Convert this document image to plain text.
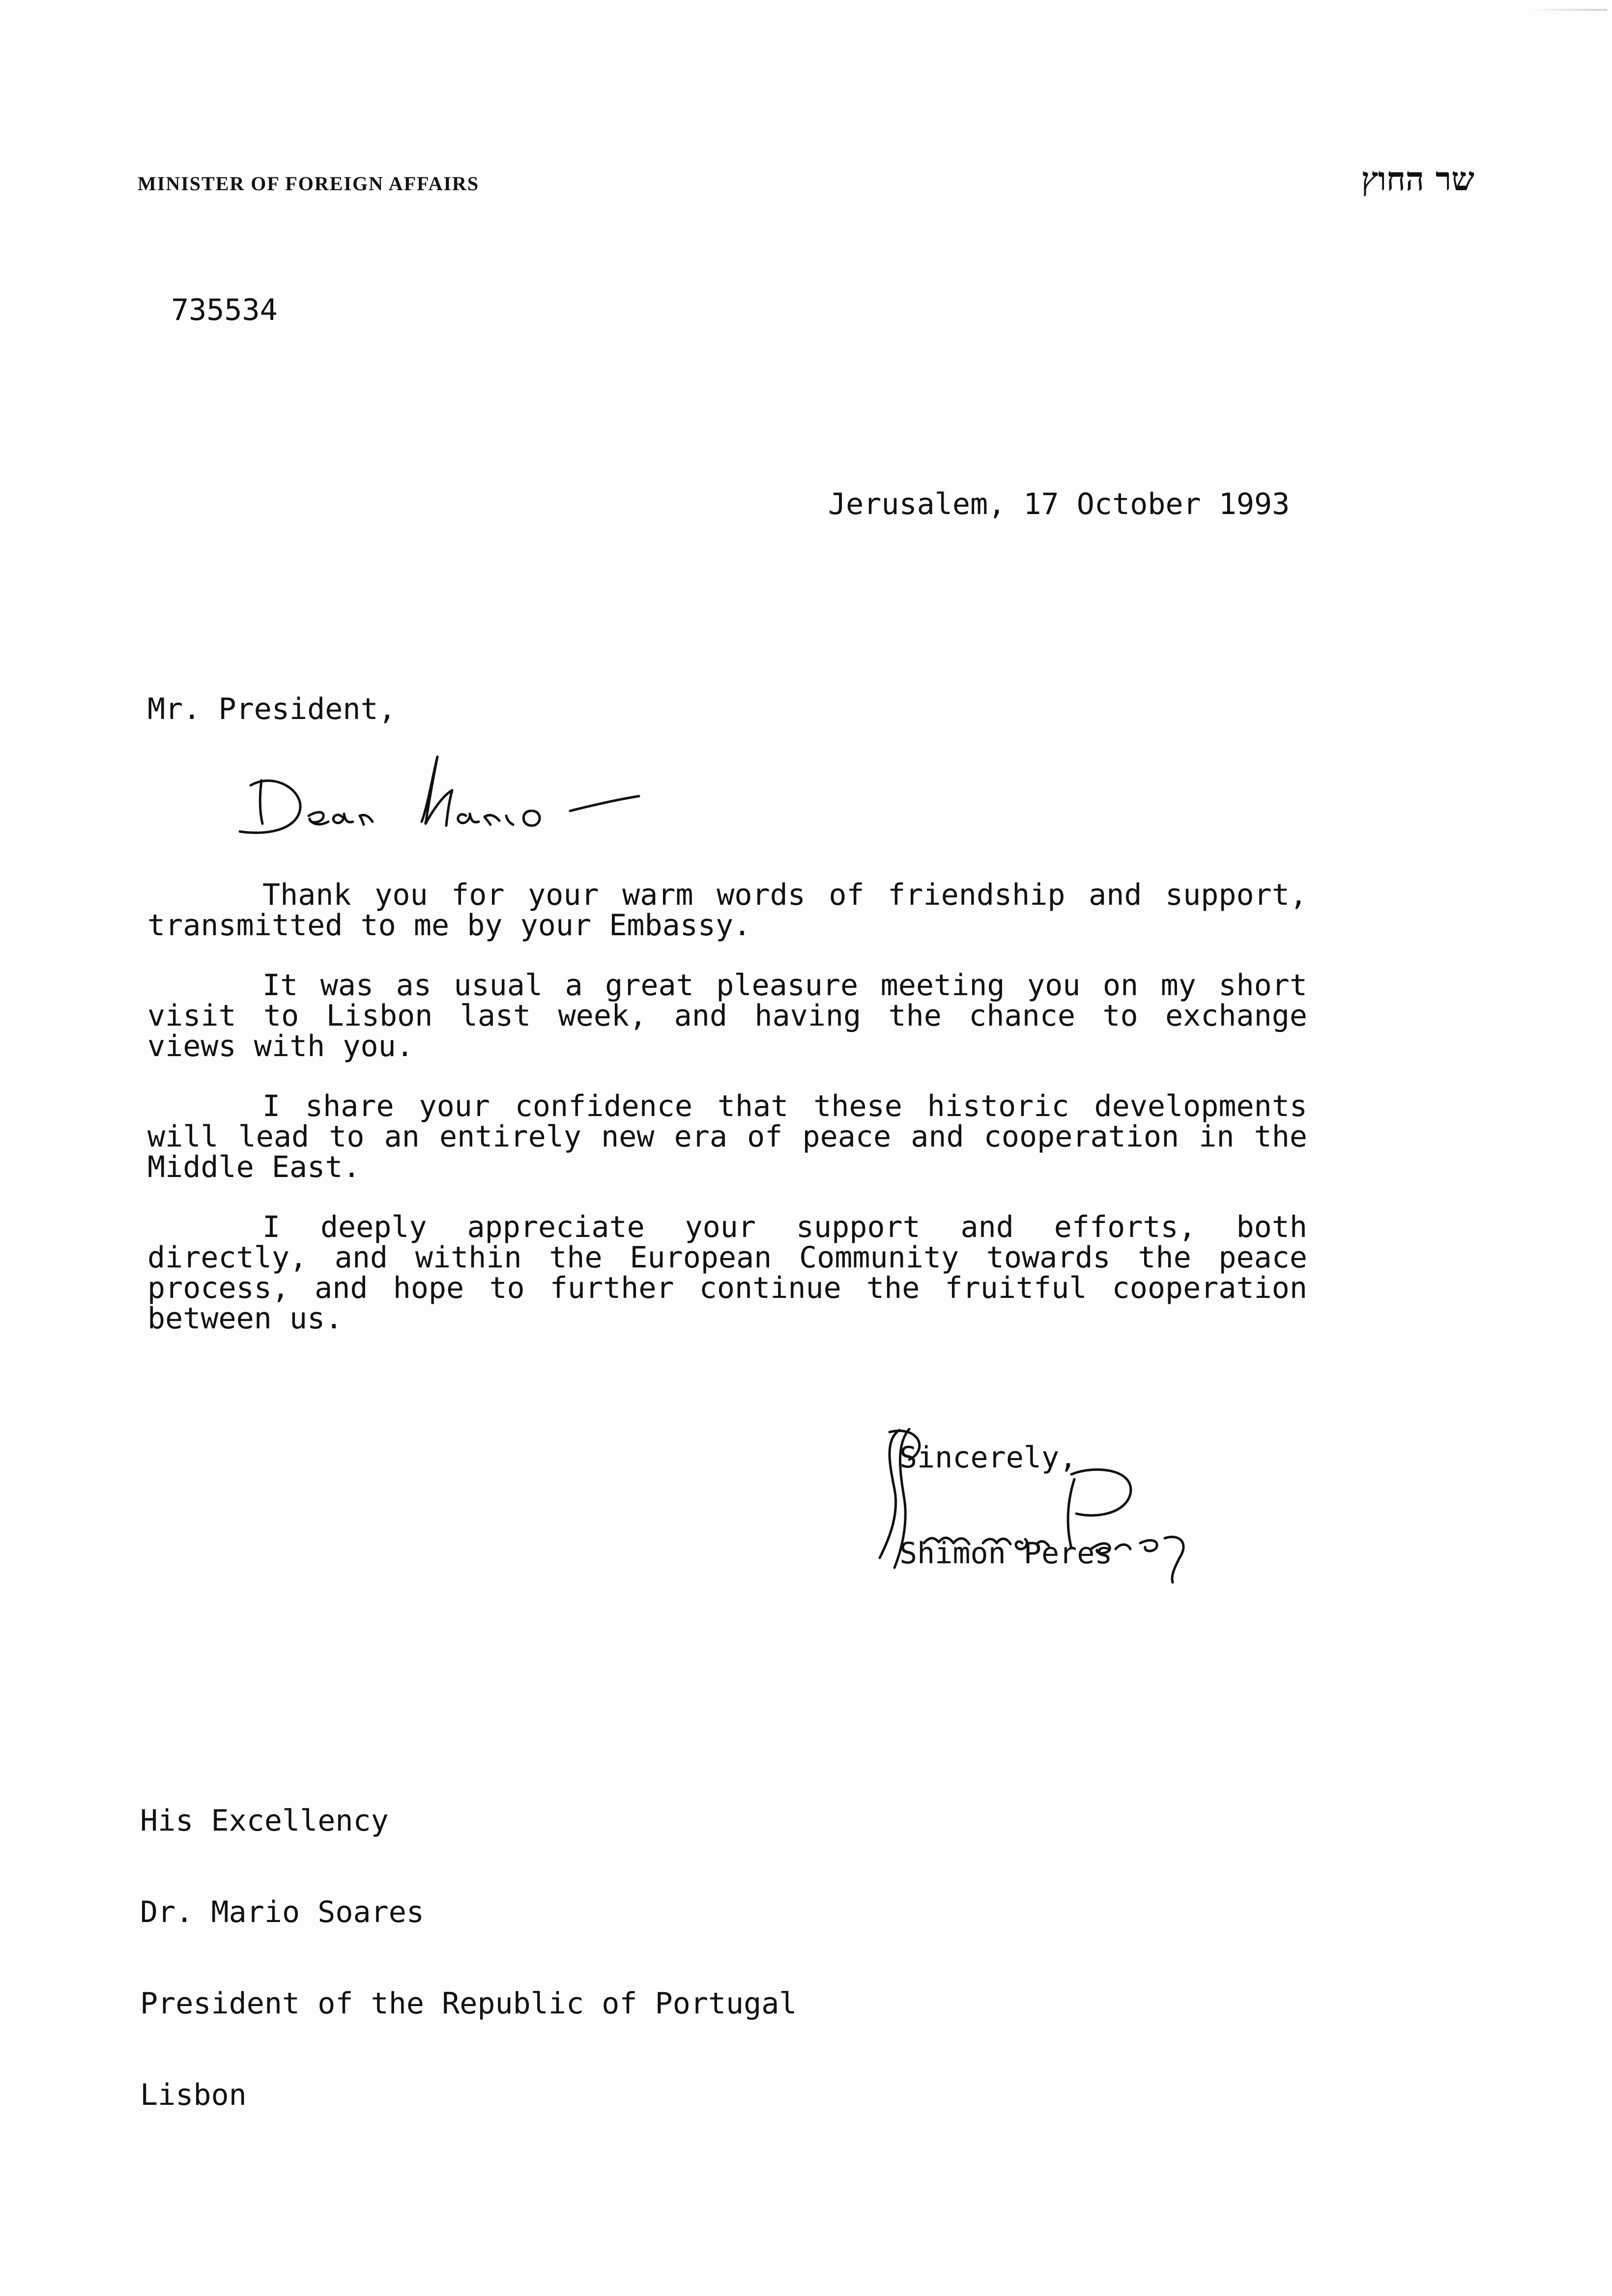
MINISTER OF FOREIGN AFFAIRS	שר החוץ
735534
Jerusalem, 17 October 1993
Mr. President,

Thank you for your warm words of friendship and support, transmitted to me by your Embassy.

It was as usual a great pleasure meeting you on my short visit to Lisbon last week, and having the chance to exchange views with you.

I share your confidence that these historic developments will lead to an entirely new era of peace and cooperation in the Middle East.

I deeply appreciate your support and efforts, both directly, and within the European Community towards the peace process, and hope to further continue the fruitful cooperation between us.

Sincerely,
Shimon Peres

His Excellency

Dr. Mario Soares

President of the Republic of Portugal

Lisbon
